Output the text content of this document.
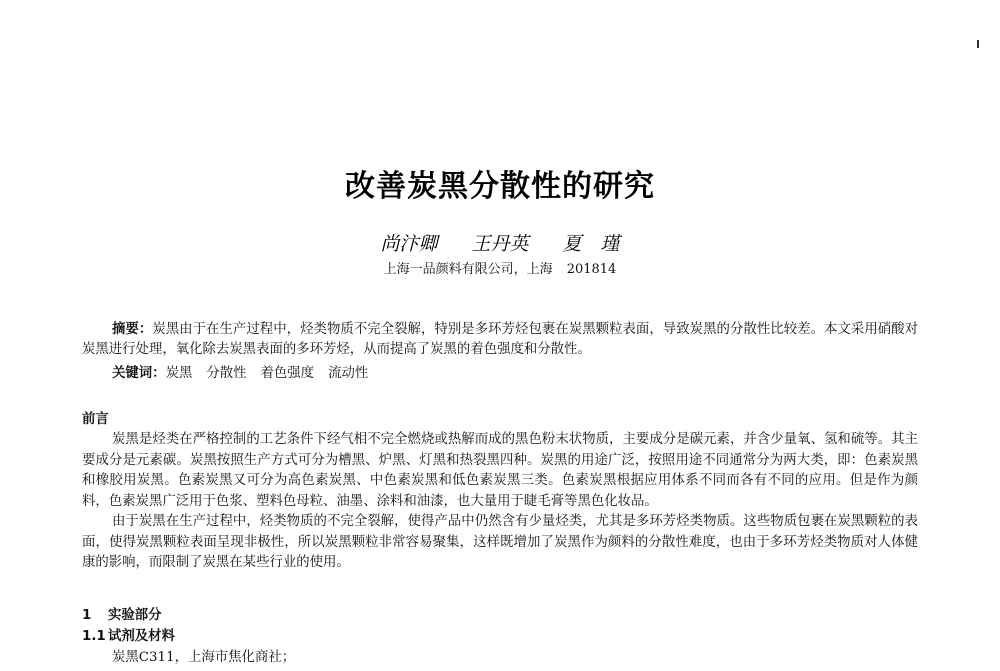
改善炭黑分散性的研究
尚汴卿 王丹英 夏　瑾
上海一品颜料有限公司，上海 201814
摘要：炭黑由于在生产过程中，烃类物质不完全裂解，特别是多环芳烃包裹在炭黑颗粒表面，导致炭黑的分散性比较差。本文采用硝酸对炭黑进行处理，氧化除去炭黑表面的多环芳烃，从而提高了炭黑的着色强度和分散性。
关键词：炭黑 分散性 着色强度 流动性
前言

炭黑是烃类在严格控制的工艺条件下经气相不完全燃烧或热解而成的黑色粉末状物质，主要成分是碳元素，并含少量氧、氢和硫等。其主要成分是元素碳。炭黑按照生产方式可分为槽黑、炉黑、灯黑和热裂黑四种。炭黑的用途广泛，按照用途不同通常分为两大类，即：色素炭黑和橡胶用炭黑。色素炭黑又可分为高色素炭黑、中色素炭黑和低色素炭黑三类。色素炭黑根据应用体系不同而各有不同的应用。但是作为颜料，色素炭黑广泛用于色浆、塑料色母粒、油墨、涂料和油漆，也大量用于睫毛膏等黑色化妆品。

由于炭黑在生产过程中，烃类物质的不完全裂解，使得产品中仍然含有少量烃类，尤其是多环芳烃类物质。这些物质包裹在炭黑颗粒的表面，使得炭黑颗粒表面呈现非极性，所以炭黑颗粒非常容易聚集，这样既增加了炭黑作为颜料的分散性难度，也由于多环芳烃类物质对人体健康的影响，而限制了炭黑在某些行业的使用。

1 实验部分
1.1 试剂及材料
炭黑C311，上海市焦化商社；
